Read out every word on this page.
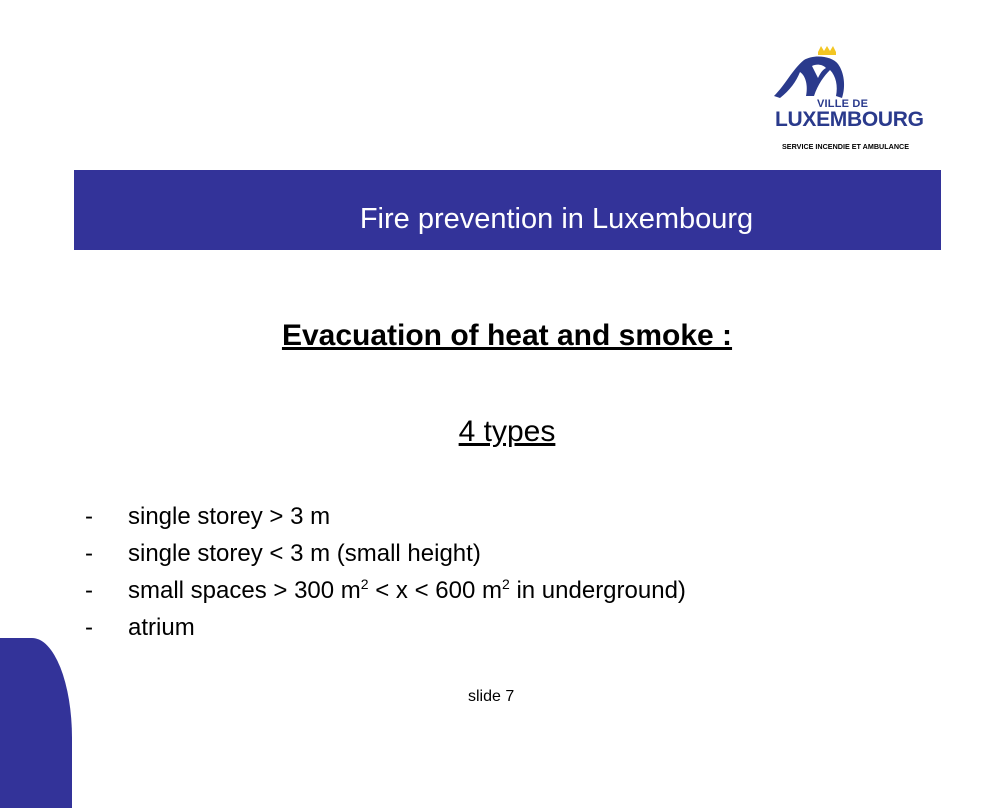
VILLE DE
LUXEMBOURG
SERVICE INCENDIE ET AMBULANCE
Fire prevention in Luxembourg
Evacuation of heat and smoke :
4 types
- single storey > 3 m
- single storey < 3 m (small height)
- small spaces > 300 $m^2 < x < 600$ $m^2$ in underground)
- atrium
slide 7
